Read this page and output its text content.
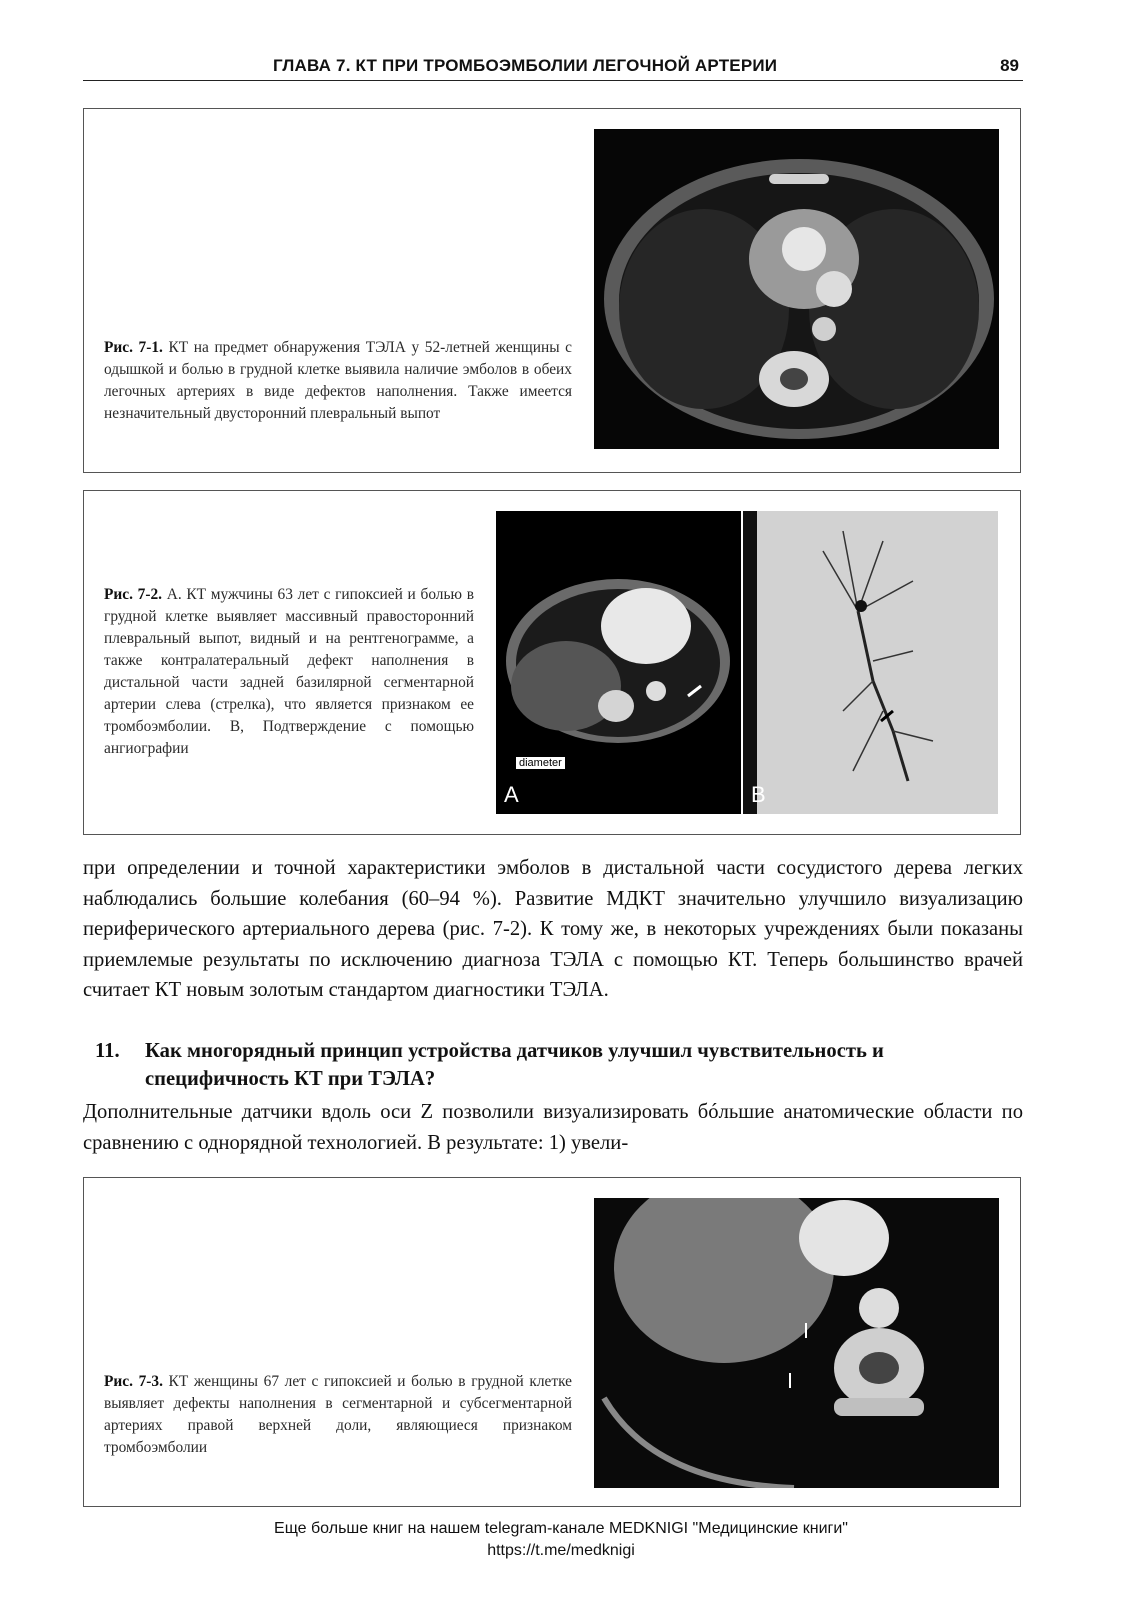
ГЛАВА 7. КТ ПРИ ТРОМБОЭМБОЛИИ ЛЕГОЧНОЙ АРТЕРИИ	89
Рис. 7-1. КТ на предмет обнаружения ТЭЛА у 52-летней женщины с одышкой и болью в грудной клетке выявила наличие эмболов в обеих легочных артериях в виде дефектов наполнения. Также имеется незначительный двусторонний плевральный выпот
Рис. 7-2. А. КТ мужчины 63 лет с гипоксией и болью в грудной клетке выявляет массивный правосторонний плевральный выпот, видный и на рентгенограмме, а также контралатеральный дефект наполнения в дистальной части задней базилярной сегментарной артерии слева (стрелка), что является признаком ее тромбоэмболии. В, Подтверждение с помощью ангиографии
diameter
A	B
при определении и точной характеристики эмболов в дистальной части сосудистого дерева легких наблюдались большие колебания (60–94 %). Развитие МДКТ значительно улучшило визуализацию периферического артериального дерева (рис. 7-2). К тому же, в некоторых учреждениях были показаны приемлемые результаты по исключению диагноза ТЭЛА с помощью КТ. Теперь большинство врачей считает КТ новым золотым стандартом диагностики ТЭЛА.
11. Как многорядный принцип устройства датчиков улучшил чувствительность и специфичность КТ при ТЭЛА?
Дополнительные датчики вдоль оси Z позволили визуализировать бóльшие анатомические области по сравнению с однорядной технологией. В результате: 1) увели-
Рис. 7-3. КТ женщины 67 лет с гипоксией и болью в грудной клетке выявляет дефекты наполнения в сегментарной и субсегментарной артериях правой верхней доли, являющиеся признаком тромбоэмболии
Еще больше книг на нашем telegram-канале MEDKNIGI "Медицинские книги"
https://t.me/medknigi
